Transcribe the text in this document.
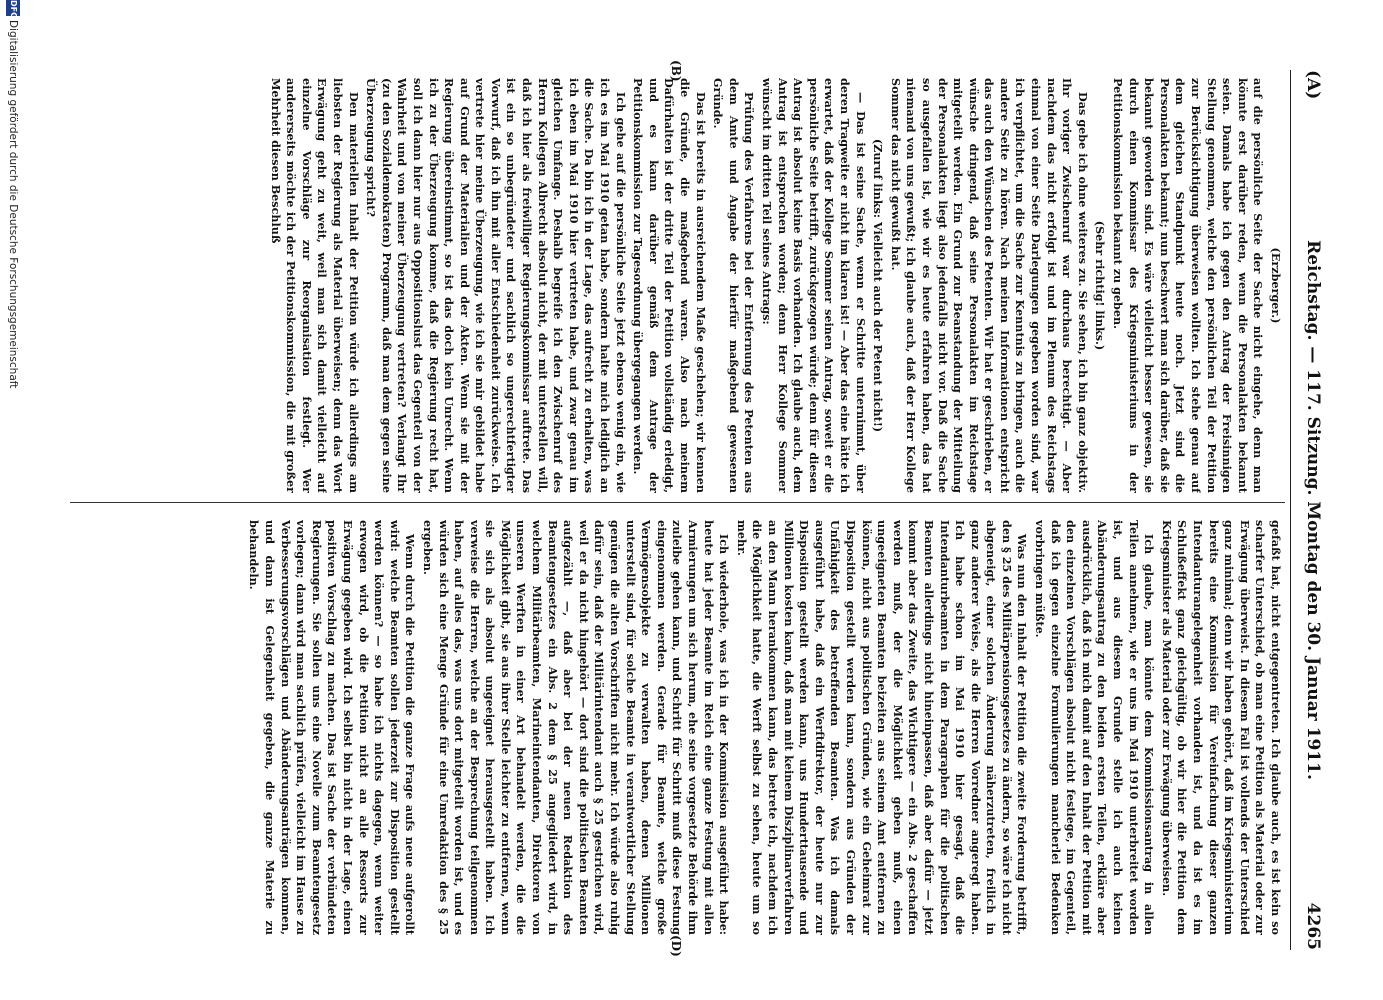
(A)
Reichstag. — 117. Sitzung. Montag den 30. Januar 1911.
4265
(B)
(D)

(Erzberger.)

auf die persönliche Seite der Sache nicht eingehe, denn man könnte erst darüber reden, wenn die Personalakten bekannt seien. Damals habe ich gegen den Antrag der Freisinnigen Stellung genommen, welche den persönlichen Teil der Petition zur Berücksichtigung überweisen wollten. Ich stehe genau auf dem gleichen Standpunkt heute noch. Jetzt sind die Personalakten bekannt; nun beschwert man sich darüber, daß sie bekannt geworden sind. Es wäre vielleicht besser gewesen, sie durch einen Kommissar des Kriegsministeriums in der Petitionskommission bekannt zu geben.

(Sehr richtig! links.)

Das gebe ich ohne weiteres zu. Sie sehen, ich bin ganz objektiv. Ihr voriger Zwischenruf war durchaus berechtigt. — Aber nachdem das nicht erfolgt ist und im Plenum des Reichstags einmal von einer Seite Darlegungen gegeben worden sind, war ich verpflichtet, um die Sache zur Kenntnis zu bringen, auch die andere Seite zu hören. Nach meinen Informationen entspricht das auch den Wünschen des Petenten. Wir hat er geschrieben, er wünsche dringend, daß seine Personalakten im Reichstage mitgeteilt werden. Ein Grund zur Beanstandung der Mitteilung der Personalakten liegt also jedenfalls nicht vor. Daß die Sache so ausgefallen ist, wie wir es heute erfahren haben, das hat niemand von uns gewußt; ich glaube auch, daß der Herr Kollege Sommer das nicht gewußt hat.

(Zuruf links: Vielleicht auch der Petent nicht!)

— Das ist seine Sache, wenn er Schritte unternimmt, über deren Tragweite er nicht im klaren ist! — Aber das eine hätte ich erwartet, daß der Kollege Sommer seinen Antrag, soweit er die persönliche Seite betrifft, zurückgezogen würde; denn für diesen Antrag ist absolut keine Basis vorhanden. Ich glaube auch, dem Antrag ist entsprochen worden; denn Herr Kollege Sommer wünscht im dritten Teil seines Antrags:

Prüfung des Verfahrens bei der Entfernung des Petenten aus dem Amte und Angabe der hierfür maßgebend gewesenen Gründe.

Das ist bereits in ausreichendem Maße geschehen; wir kennen die Gründe, die maßgebend waren. Also nach meinem Dafürhalten ist der dritte Teil der Petition vollständig erledigt, und es kann darüber gemäß dem Antrage der Petitionskommission zur Tagesordnung übergegangen werden.

Ich gehe auf die persönliche Seite jetzt ebenso wenig ein, wie ich es im Mai 1910 getan habe, sondern halte mich lediglich an die Sache. Da bin ich in der Lage, das aufrecht zu erhalten, was ich eben im Mai 1910 hier vertreten habe, und zwar genau im gleichen Umfange. Deshalb begreife ich den Zwischenruf des Herrn Kollegen Albrecht absolut nicht, der mit unterstellen will, daß ich hier als freiwilliger Regierungskommissar auftrete. Das ist ein so unbegründeter und sachlich so ungerechtfertigter Vorwurf, daß ich ihn mit aller Entschiedenheit zurückweise. Ich vertrete hier meine Überzeugung, wie ich sie mir gebildet habe auf Grund der Materialien und der Akten. Wenn sie mit der Regierung übereinstimmt, so ist das doch kein Unrecht. Wenn ich zu der Überzeugung komme, daß die Regierung recht hat, soll ich dann hier nur aus Oppositionslust das Gegenteil von der Wahrheit und von meiner Überzeugung vertreten? Verlangt Ihr (zu den Sozialdemokraten) Programm, daß man dem gegen seine Überzeugung spricht?

Den materiellen Inhalt der Petition würde ich allerdings am liebsten der Regierung als Material überweisen; denn das Wort Erwägung geht zu weit, weil man sich damit vielleicht auf einzelne Vorschläge zur Reorganisation festlegt. Wer andererseits möchte ich der Petitionskommission, die mit großer Mehrheit diesen Beschluß

gefaßt hat, nicht entgegentreten. Ich glaube auch, es ist kein so scharfer Unterschied, ob man eine Petition als Material oder zur Erwägung überweist. In diesem Fall ist vollends der Unterschied ganz minimal; denn wir haben gehört, daß im Kriegsministerium bereits eine Kommission für Vereinfachung dieser ganzen Intendanturangelegenheit vorhanden ist, und da ist es im Schlußeffekt ganz gleichgültig, ob wir hier die Petition dem Kriegsminister als Material oder zur Erwägung überweisen.

Ich glaube, man könnte dem Kommissionsantrag in allen Teilen annehmen, wie er uns im Mai 1910 unterbreitet worden ist, und aus diesem Grunde stelle ich auch keinen Abänderungsantrag zu den beiden ersten Teilen, erkläre aber ausdrücklich, daß ich mich damit auf den Inhalt der Petition mit den einzelnen Vorschlägen absolut nicht festlege, im Gegenteil, daß ich gegen einzelne Formulierungen mancherlei Bedenken vorbringen müßte.

Was nun den Inhalt der Petition die zweite Forderung betrifft, den § 25 des Militärpensionsgesetzes zu ändern, so wäre ich nicht abgeneigt, einer solchen Änderung näherzutreten, freilich in ganz anderer Weise, als die Herren Vorredner angeregt haben. Ich habe schon im Mai 1910 hier gesagt, daß die Intendanturbeamten in dem Paragraphen für die politischen Beamten allerdings nicht hineinpassen, daß aber dafür — jetzt kommt aber das Zweite, das Wichtigere — ein Abs. 2 geschaffen werden muß, der die Möglichkeit geben muß, einen ungeeigneten Beamten beizeiten aus seinem Amt entfernen zu können, nicht aus politischen Gründen, wie ein Geheimrat zur Disposition gestellt werden kann, sondern aus Gründen der Unfähigkeit des betreffenden Beamten. Was ich damals ausgeführt habe, daß ein Werftdirektor, der heute nur zur Disposition gestellt werden kann, uns Hunderttausende und Millionen kosten kann, daß man mit keinem Disziplinarverfahren an den Mann herankommen kann, das betrete ich, nachdem ich die Möglichkeit hatte, die Werft selbst zu sehen, heute um so mehr.

Ich wiederhole, was ich in der Kommission ausgeführt habe: heute hat jeder Beamte im Reich eine ganze Festung mit allen Armierungen um sich herum, ehe seine vorgesetzte Behörde ihm zuleibe gehen kann, und Schritt für Schritt muß diese Festung eingenommen werden. Gerade für Beamte, welche große Vermögensobjekte zu verwalten haben, denen Millionen unterstellt sind, für solche Beamte in verantwortlicher Stellung genügen die alten Vorschriften nicht mehr. Ich würde also ruhig dafür sein, daß der Militärintendant auch § 25 gestrichen wird, weil er da nicht hingehört — dort sind die politischen Beamten aufgezählt —, daß aber bei der neuen Redaktion des Beamtengesetzes ein Abs. 2 dem § 25 angegliedert wird, in welchem Militärbeamten, Marineintendanten, Direktoren von unseren Werften in einer Art behandelt werden, die die Möglichkeit gibt, sie aus ihrer Stelle leichter zu entfernen, wenn sie sich als absolut ungeeignet herausgestellt haben. Ich verweise die Herren, welche an der Besprechung teilgenommen haben, auf alles das, was uns dort mitgeteilt worden ist, und es würden sich eine Menge Gründe für eine Umredaktion des § 25 ergeben.

Wenn durch die Petition die ganze Frage aufs neue aufgerollt wird: welche Beamten sollen jederzeit zur Disposition gestellt werden können? — so habe ich nichts dagegen, wenn weiter erwogen wird, ob die Petition nicht an alle Ressorts zur Erwägung gegeben wird. Ich selbst bin nicht in der Lage, einen positiven Vorschlag zu machen. Das ist Sache der verbündeten Regierungen. Sie sollen uns eine Novelle zum Beamtengesetz vorlegen; dann wird man sachlich prüfen, vielleicht im Hause zu Verbesserungsvorschlägen und Abänderungsanträgen kommen, und dann ist Gelegenheit gegeben, die ganze Materie zu behandeln.

DFG
Digitalisierung gefördert durch die Deutsche Forschungsgemeinschaft
